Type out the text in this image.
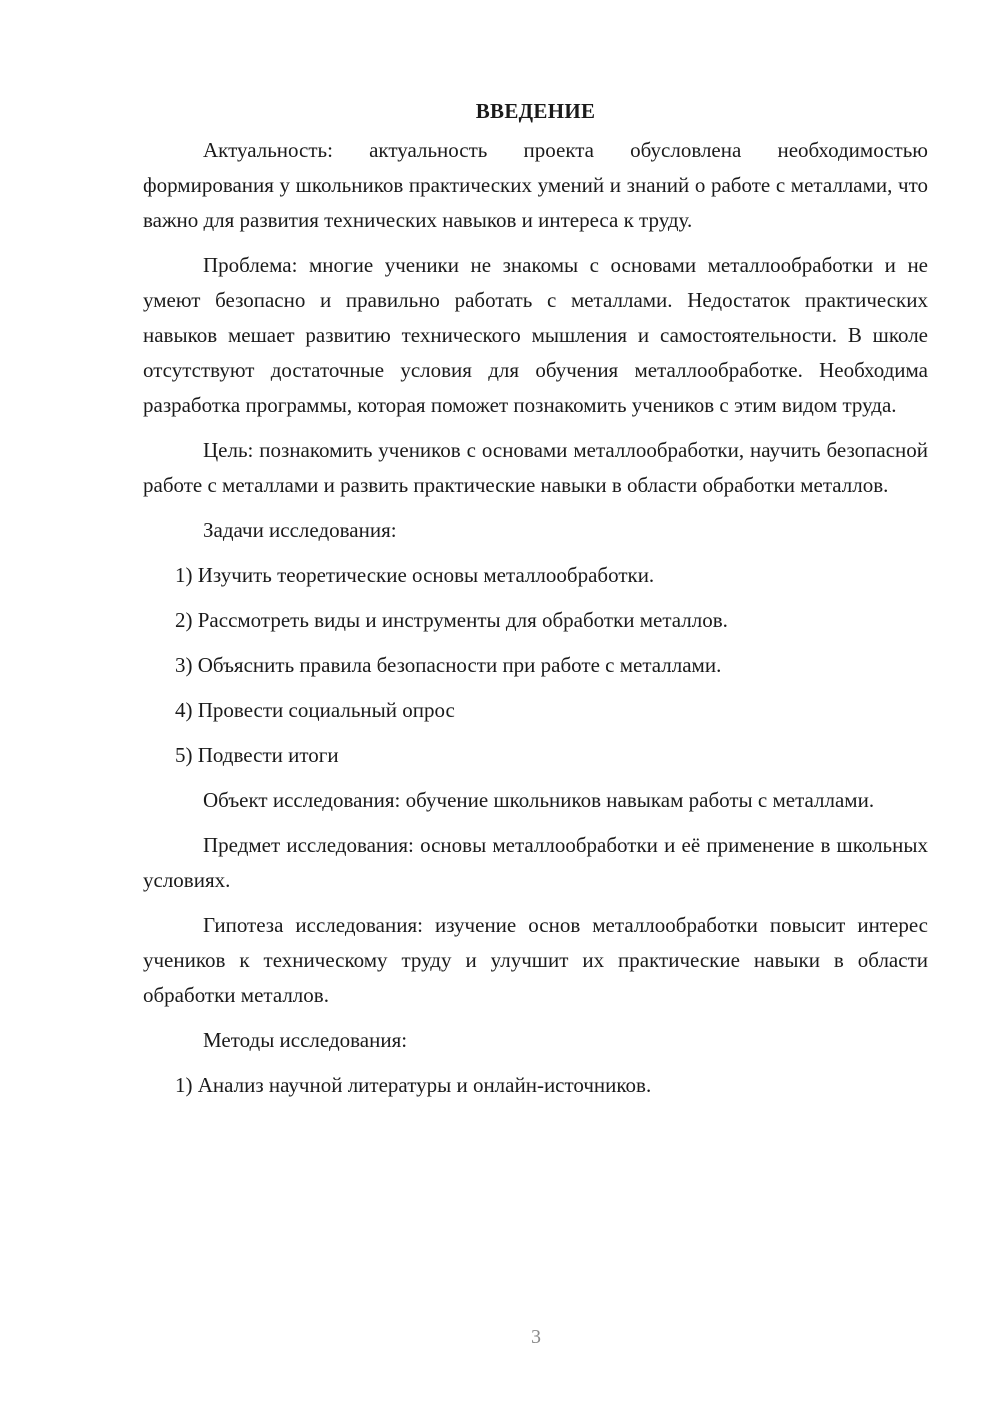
ВВЕДЕНИЕ

Актуальность: актуальность проекта обусловлена необходимостью формирования у школьников практических умений и знаний о работе с металлами, что важно для развития технических навыков и интереса к труду.

Проблема: многие ученики не знакомы с основами металлообработки и не умеют безопасно и правильно работать с металлами. Недостаток практических навыков мешает развитию технического мышления и самостоятельности. В школе отсутствуют достаточные условия для обучения металлообработке. Необходима разработка программы, которая поможет познакомить учеников с этим видом труда.

Цель: познакомить учеников с основами металлообработки, научить безопасной работе с металлами и развить практические навыки в области обработки металлов.

Задачи исследования:
1) Изучить теоретические основы металлообработки.
2) Рассмотреть виды и инструменты для обработки металлов.
3) Объяснить правила безопасности при работе с металлами.
4) Провести социальный опрос
5) Подвести итоги

Объект исследования: обучение школьников навыкам работы с металлами.

Предмет исследования: основы металлообработки и её применение в школьных условиях.

Гипотеза исследования: изучение основ металлообработки повысит интерес учеников к техническому труду и улучшит их практические навыки в области обработки металлов.

Методы исследования:
1) Анализ научной литературы и онлайн-источников.
3
